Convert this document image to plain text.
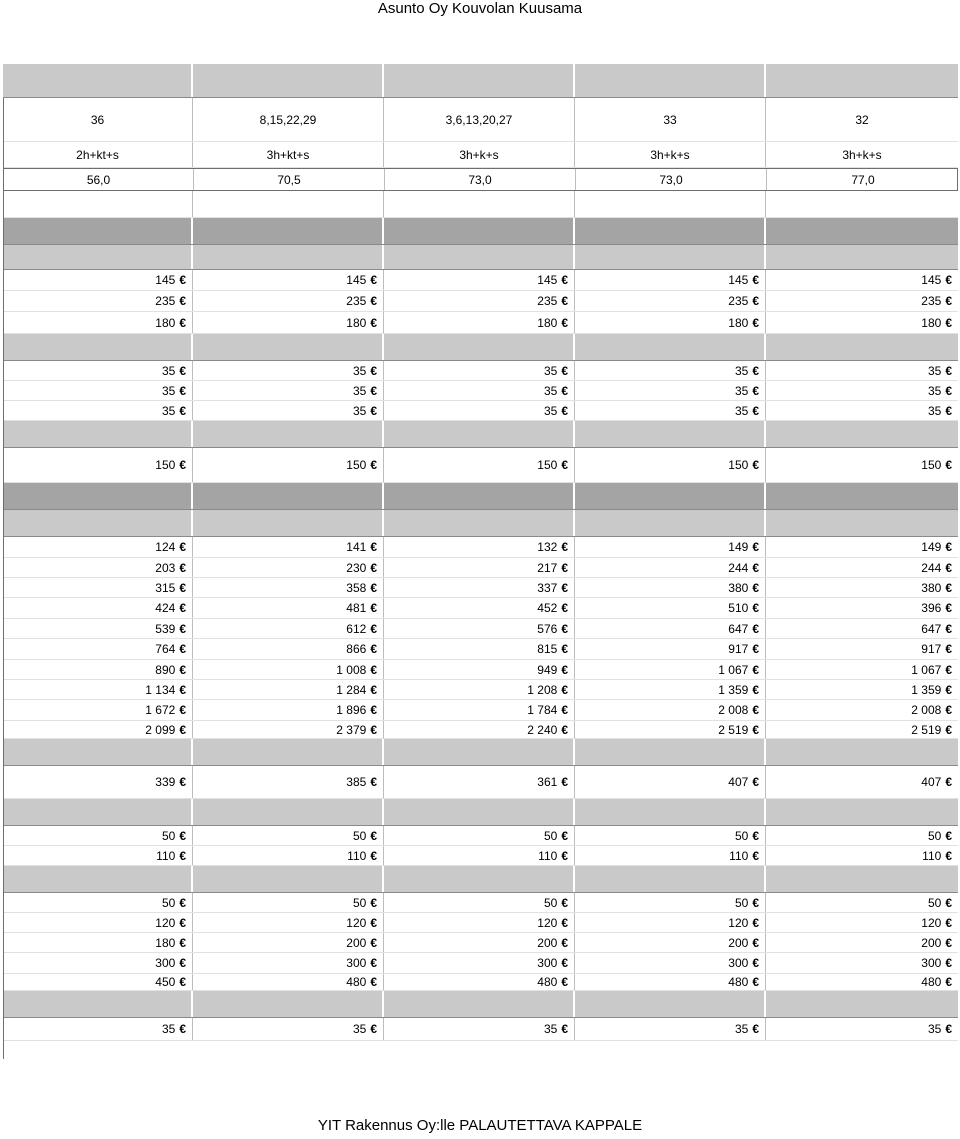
Asunto Oy Kouvolan Kuusama
36	8,15,22,29	3,6,13,20,27	33	32
2h+kt+s	3h+kt+s	3h+k+s	3h+k+s	3h+k+s
56,0	70,5	73,0	73,0	77,0
145 €	145 €	145 €	145 €	145 €
235 €	235 €	235 €	235 €	235 €
180 €	180 €	180 €	180 €	180 €
35 €	35 €	35 €	35 €	35 €
35 €	35 €	35 €	35 €	35 €
35 €	35 €	35 €	35 €	35 €
150 €	150 €	150 €	150 €	150 €
124 €	141 €	132 €	149 €	149 €
203 €	230 €	217 €	244 €	244 €
315 €	358 €	337 €	380 €	380 €
424 €	481 €	452 €	510 €	396 €
539 €	612 €	576 €	647 €	647 €
764 €	866 €	815 €	917 €	917 €
890 €	1 008 €	949 €	1 067 €	1 067 €
1 134 €	1 284 €	1 208 €	1 359 €	1 359 €
1 672 €	1 896 €	1 784 €	2 008 €	2 008 €
2 099 €	2 379 €	2 240 €	2 519 €	2 519 €
339 €	385 €	361 €	407 €	407 €
50 €	50 €	50 €	50 €	50 €
110 €	110 €	110 €	110 €	110 €
50 €	50 €	50 €	50 €	50 €
120 €	120 €	120 €	120 €	120 €
180 €	200 €	200 €	200 €	200 €
300 €	300 €	300 €	300 €	300 €
450 €	480 €	480 €	480 €	480 €
35 €	35 €	35 €	35 €	35 €
YIT Rakennus Oy:lle PALAUTETTAVA KAPPALE
